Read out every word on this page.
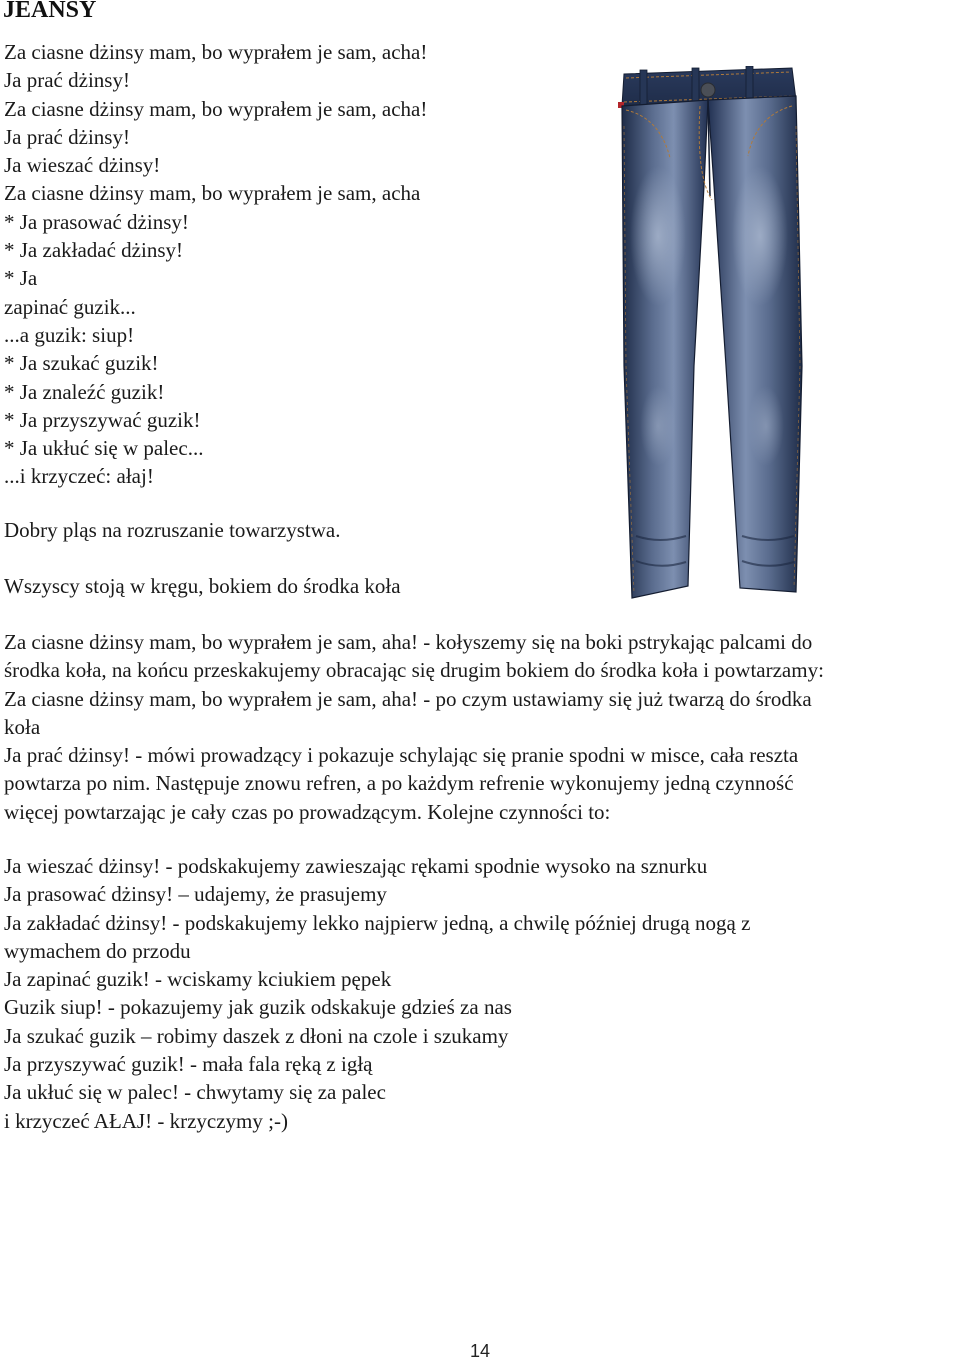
JEANSY
Za ciasne dżinsy mam, bo wyprałem je sam, acha!
Ja prać dżinsy!
Za ciasne dżinsy mam, bo wyprałem je sam, acha!
Ja prać dżinsy!
Ja wieszać dżinsy!
Za ciasne dżinsy mam, bo wyprałem je sam, acha
* Ja prasować dżinsy!
* Ja zakładać dżinsy!
* Ja
zapinać guzik...
...a guzik: siup!
* Ja szukać guzik!
* Ja znaleźć guzik!
* Ja przyszywać guzik!
* Ja ukłuć się w palec...
...i krzyczeć: ałaj!
Dobry pląs na rozruszanie towarzystwa.
Wszyscy stoją w kręgu, bokiem do środka koła
Za ciasne dżinsy mam, bo wyprałem je sam, aha! - kołyszemy się na boki pstrykając palcami do
środka koła, na końcu przeskakujemy obracając się drugim bokiem do środka koła i powtarzamy:
Za ciasne dżinsy mam, bo wyprałem je sam, aha! - po czym ustawiamy się już twarzą do środka
koła
Ja prać dżinsy! - mówi prowadzący i pokazuje schylając się pranie spodni w misce, cała reszta
powtarza po nim. Następuje znowu refren, a po każdym refrenie wykonujemy jedną czynność
więcej powtarzając je cały czas po prowadzącym. Kolejne czynności to:
Ja wieszać dżinsy! - podskakujemy zawieszając rękami spodnie wysoko na sznurku
Ja prasować dżinsy! – udajemy, że prasujemy
Ja zakładać dżinsy! - podskakujemy lekko najpierw jedną, a chwilę później drugą nogą z
wymachem do przodu
Ja zapinać guzik! - wciskamy kciukiem pępek
Guzik siup! - pokazujemy jak guzik odskakuje gdzieś za nas
Ja szukać guzik – robimy daszek z dłoni na czole i szukamy
Ja przyszywać guzik! - mała fala ręką z igłą
Ja ukłuć się w palec! - chwytamy się za palec
i krzyczeć AŁAJ! - krzyczymy ;-)
14
